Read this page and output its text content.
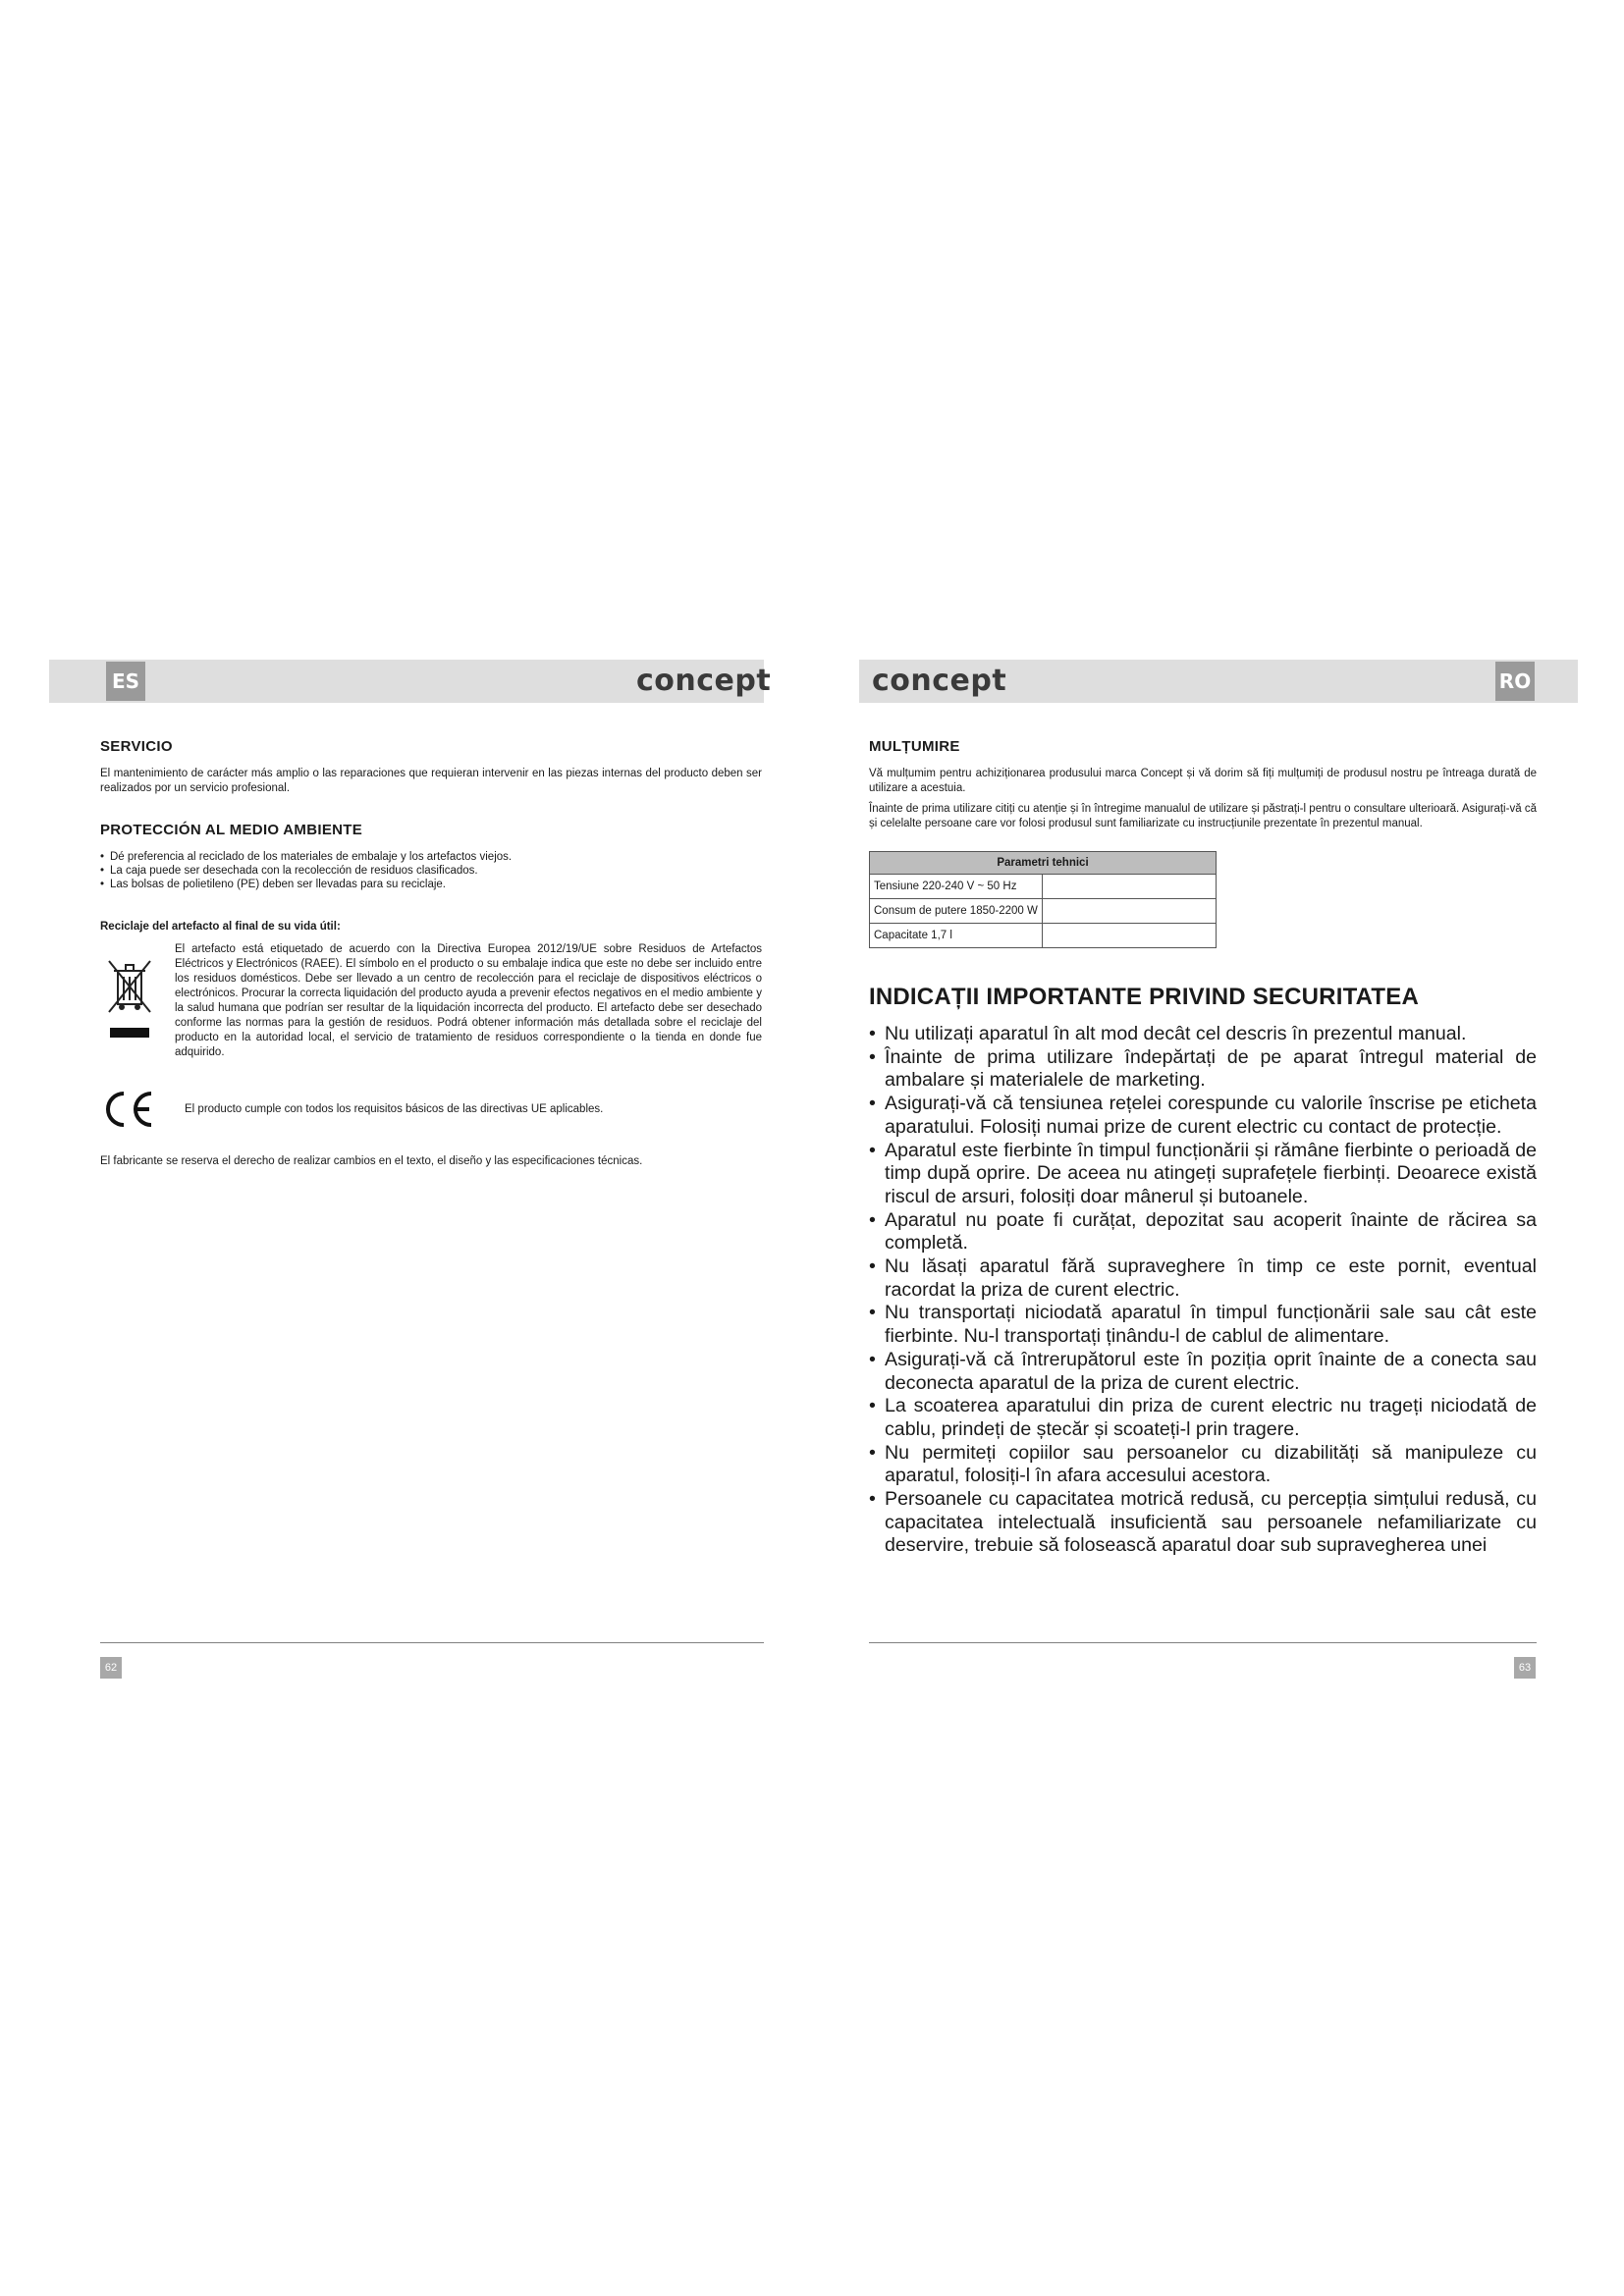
ES	RO
concept	concept
SERVICIO

El mantenimiento de carácter más amplio o las reparaciones que requieran intervenir en las piezas internas del producto deben ser realizados por un servicio profesional.

PROTECCIÓN AL MEDIO AMBIENTE
• Dé preferencia al reciclado de los materiales de embalaje y los artefactos viejos.
• La caja puede ser desechada con la recolección de residuos clasificados.
• Las bolsas de polietileno (PE) deben ser llevadas para su reciclaje.
Reciclaje del artefacto al final de su vida útil:

El artefacto está etiquetado de acuerdo con la Directiva Europea 2012/19/UE sobre Residuos de Artefactos Eléctricos y Electrónicos (RAEE). El símbolo en el producto o su embalaje indica que este no debe ser incluido entre los residuos domésticos. Debe ser llevado a un centro de recolección para el reciclaje de dispositivos eléctricos o electrónicos. Procurar la correcta liquidación del producto ayuda a prevenir efectos negativos en el medio ambiente y la salud humana que podrían ser resultar de la liquidación incorrecta del producto. El artefacto debe ser desechado conforme las normas para la gestión de residuos. Podrá obtener información más detallada sobre el reciclaje del producto en la autoridad local, el servicio de tratamiento de residuos correspondiente o la tienda en donde fue adquirido.

El producto cumple con todos los requisitos básicos de las directivas UE aplicables.

El fabricante se reserva el derecho de realizar cambios en el texto, el diseño y las especificaciones técnicas.

MULȚUMIRE

Vă mulțumim pentru achiziționarea produsului marca Concept și vă dorim să fiți mulțumiți de produsul nostru pe întreaga durată de utilizare a acestuia.

Înainte de prima utilizare citiți cu atenție și în întregime manualul de utilizare și păstrați-l pentru o consultare ulterioară. Asigurați-vă că și celelalte persoane care vor folosi produsul sunt familiarizate cu instrucțiunile prezentate în prezentul manual.

Parametri tehnici	
Tensiune 220-240 V ~ 50 Hz	
Consum de putere 1850-2200 W	
Capacitate 1,7 l	
INDICAȚII IMPORTANTE PRIVIND SECURITATEA
• Nu utilizați aparatul în alt mod decât cel descris în prezentul manual.
• Înainte de prima utilizare îndepărtați de pe aparat întregul material de ambalare și materialele de marketing.
• Asigurați-vă că tensiunea rețelei corespunde cu valorile înscrise pe eticheta aparatului. Folosiți numai prize de curent electric cu contact de protecție.
• Aparatul este fierbinte în timpul funcționării și rămâne fierbinte o perioadă de timp după oprire. De aceea nu atingeți suprafețele fierbinți. Deoarece există riscul de arsuri, folosiți doar mânerul și butoanele.
• Aparatul nu poate fi curățat, depozitat sau acoperit înainte de răcirea sa completă.
• Nu lăsați aparatul fără supraveghere în timp ce este pornit, eventual racordat la priza de curent electric.
• Nu transportați niciodată aparatul în timpul funcționării sale sau cât este fierbinte. Nu-l transportați ținându-l de cablul de alimentare.
• Asigurați-vă că întrerupătorul este în poziția oprit înainte de a conecta sau deconecta aparatul de la priza de curent electric.
• La scoaterea aparatului din priza de curent electric nu trageți niciodată de cablu, prindeți de ștecăr și scoateți-l prin tragere.
• Nu permiteți copiilor sau persoanelor cu dizabilități să manipuleze cu aparatul, folosiți-l în afara accesului acestora.
• Persoanele cu capacitatea motrică redusă, cu percepția simțului redusă, cu capacitatea intelectuală insuficientă sau persoanele nefamiliarizate cu deservire, trebuie să folosească aparatul doar sub supravegherea unei
62	63
